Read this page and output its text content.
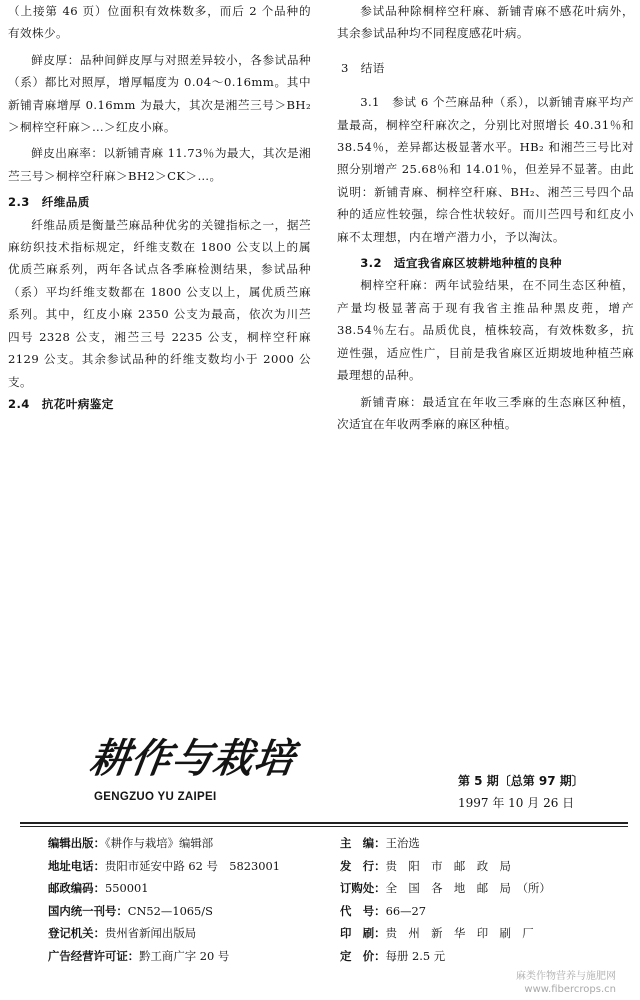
（上接第 46 页）位面积有效株数多，而后 2 个品种的有效株少。

鲜皮厚：品种间鲜皮厚与对照差异较小，各参试品种（系）都比对照厚，增厚幅度为 0.04～0.16mm。其中新铺青麻增厚 0.16mm 为最大，其次是湘苎三号＞BH₂＞桐梓空秆麻＞…＞红皮小麻。

鲜皮出麻率：以新铺青麻 11.73％为最大，其次是湘苎三号＞桐梓空秆麻＞BH2＞CK＞…。

2.3　纤维品质

纤维品质是衡量苎麻品种优劣的关键指标之一，据苎麻纺织技术指标规定，纤维支数在 1800 公支以上的属优质苎麻系列，两年各试点各季麻检测结果，参试品种（系）平均纤维支数都在 1800 公支以上，属优质苎麻系列。其中，红皮小麻 2350 公支为最高，依次为川苎四号 2328 公支，湘苎三号 2235 公支，桐梓空秆麻 2129 公支。其余参试品种的纤维支数均小于 2000 公支。

2.4　抗花叶病鉴定

参试品种除桐梓空秆麻、新铺青麻不感花叶病外，其余参试品种均不同程度感花叶病。

3　结语

3.1　参试 6 个苎麻品种（系），以新铺青麻平均产量最高，桐梓空秆麻次之，分别比对照增长 40.31％和 38.54％，差异都达极显著水平。HB₂ 和湘苎三号比对照分别增产 25.68％和 14.01％，但差异不显著。由此说明：新铺青麻、桐梓空秆麻、BH₂、湘苎三号四个品种的适应性较强，综合性状较好。而川苎四号和红皮小麻不太理想，内在增产潜力小，予以淘汰。

3.2　适宜我省麻区坡耕地种植的良种

桐梓空秆麻：两年试验结果，在不同生态区种植，产量均极显著高于现有我省主推品种黑皮蔸，增产 38.54％左右。品质优良，植株较高，有效株数多，抗逆性强，适应性广，目前是我省麻区近期坡地种植苎麻最理想的品种。

新铺青麻：最适宜在年收三季麻的生态麻区种植，次适宜在年收两季麻的麻区种植。

耕作与栽培
GENGZUO YU ZAIPEI
第 5 期〔总第 97 期〕
1997 年 10 月 26 日
编辑出版：《耕作与栽培》编辑部
地址电话：贵阳市延安中路 62 号　5823001
邮政编码：550001
国内统一刊号：CN52—1065/S
登记机关：贵州省新闻出版局
广告经营许可证：黔工商广字 20 号
主　编：王治选
发　行：贵　阳　市　邮　政　局
订购处：全　国　各　地　邮　局　（所）
代　号：66—27
印　刷：贵　州　新　华　印　刷　厂
定　价：每册 2.5 元
麻类作物营养与施肥网
www.fibercrops.cn
